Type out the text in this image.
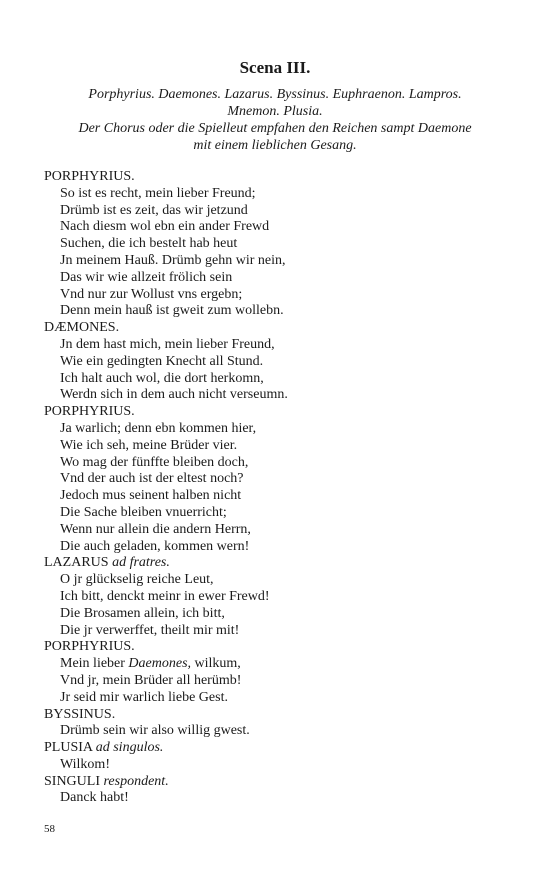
Scena III.

Porphyrius. Daemones. Lazarus. Byssinus. Euphraenon. Lampros.

Mnemon. Plusia.

Der Chorus oder die Spielleut empfahen den Reichen sampt Daemone

mit einem lieblichen Gesang.

PORPHYRIUS.
So ist es recht, mein lieber Freund;
Drümb ist es zeit, das wir jetzund
Nach diesm wol ebn ein ander Frewd
Suchen, die ich bestelt hab heut
Jn meinem Hauß. Drümb gehn wir nein,
Das wir wie allzeit frölich sein
Vnd nur zur Wollust vns ergebn;
Denn mein hauß ist gweit zum wollebn.
DÆMONES.
Jn dem hast mich, mein lieber Freund,
Wie ein gedingten Knecht all Stund.
Ich halt auch wol, die dort herkomn,
Werdn sich in dem auch nicht verseumn.
PORPHYRIUS.
Ja warlich; denn ebn kommen hier,
Wie ich seh, meine Brüder vier.
Wo mag der fünffte bleiben doch,
Vnd der auch ist der eltest noch?
Jedoch mus seinent halben nicht
Die Sache bleiben vnuerricht;
Wenn nur allein die andern Herrn,
Die auch geladen, kommen wern!
LAZARUS ad fratres.
O jr glückselig reiche Leut,
Ich bitt, denckt meinr in ewer Frewd!
Die Brosamen allein, ich bitt,
Die jr verwerffet, theilt mir mit!
PORPHYRIUS.
Mein lieber Daemones, wilkum,
Vnd jr, mein Brüder all herümb!
Jr seid mir warlich liebe Gest.
BYSSINUS.
Drümb sein wir also willig gwest.
PLUSIA ad singulos.
Wilkom!
SINGULI respondent.
Danck habt!
58
